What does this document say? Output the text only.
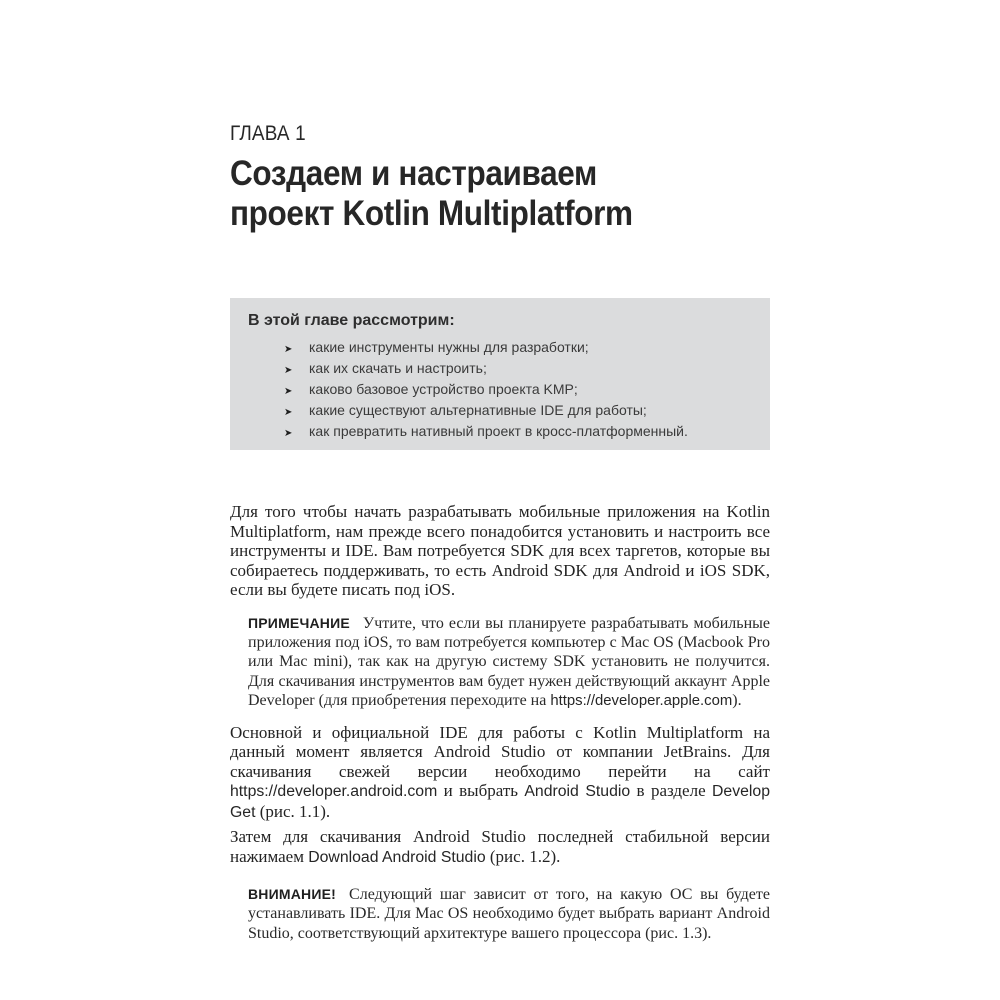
ГЛАВА 1
Создаем и настраиваем
проект Kotlin Multiplatform
В этой главе рассмотрим:
➤	какие инструменты нужны для разработки;
➤	как их скачать и настроить;
➤	каково базовое устройство проекта KMP;
➤	какие существуют альтернативные IDE для работы;
➤	как превратить нативный проект в кросс-платформенный.

Для того чтобы начать разрабатывать мобильные приложения на Kotlin Multiplatform, нам прежде всего понадобится установить и настроить все инструменты и IDE. Вам потребуется SDK для всех таргетов, которые вы собираетесь поддерживать, то есть Android SDK для Android и iOS SDK, если вы будете писать под iOS.

ПРИМЕЧАНИЕ Учтите, что если вы планируете разрабатывать мобильные приложения под iOS, то вам потребуется компьютер с Mac OS (Macbook Pro или Mac mini), так как на другую систему SDK установить не получится. Для скачивания инструментов вам будет нужен действующий аккаунт Apple Developer (для приобретения переходите на https://developer.apple.com).

Основной и официальной IDE для работы с Kotlin Multiplatform на данный момент является Android Studio от компании JetBrains. Для скачивания свежей версии необходимо перейти на сайт https://developer.android.com и выбрать Android Studio в разделе Develop Get (рис. 1.1).

Затем для скачивания Android Studio последней стабильной версии нажимаем Download Android Studio (рис. 1.2).

ВНИМАНИЕ! Следующий шаг зависит от того, на какую ОС вы будете устанавливать IDE. Для Mac OS необходимо будет выбрать вариант Android Studio, соответствующий архитектуре вашего процессора (рис. 1.3).
